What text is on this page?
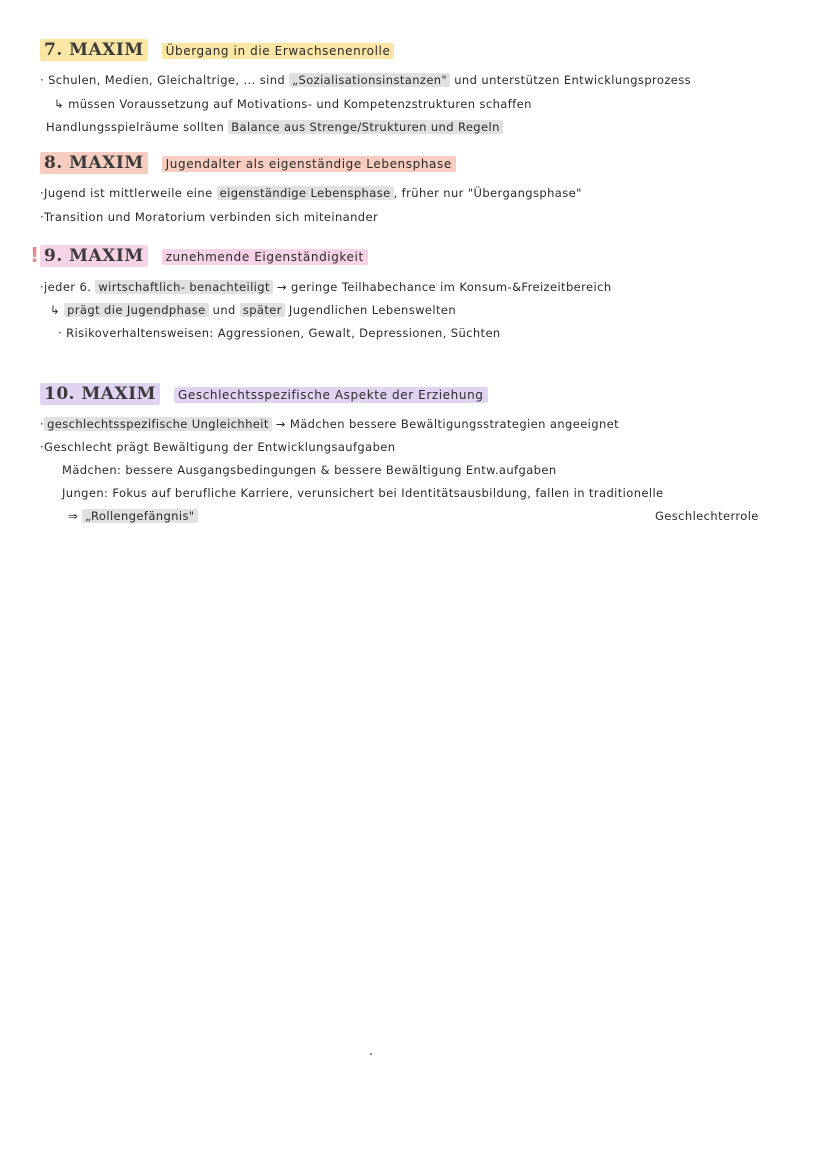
7. MAXIM Übergang in die Erwachsenenrolle
· Schulen, Medien, Gleichaltrige, ... sind „Sozialisationsinstanzen" und unterstützen Entwicklungsprozess
↳ müssen Voraussetzung auf Motivations- und Kompetenzstrukturen schaffen
Handlungsspielräume sollten Balance aus Strenge/Strukturen und Regeln
8. MAXIM Jugendalter als eigenständige Lebensphase
·Jugend ist mittlerweile eine eigenständige Lebensphase , früher nur "Übergangsphase"
·Transition und Moratorium verbinden sich miteinander
! 9. MAXIM zunehmende Eigenständigkeit
·jeder 6. wirtschaftlich- benachteiligt → geringe Teilhabechance im Konsum-&Freizeitbereich
↳ prägt die Jugendphase und später Jugendlichen Lebenswelten
· Risikoverhaltensweisen: Aggressionen, Gewalt, Depressionen, Süchten
10. MAXIM Geschlechtsspezifische Aspekte der Erziehung
· geschlechtsspezifische Ungleichheit → Mädchen bessere Bewältigungsstrategien angeeignet
·Geschlecht prägt Bewältigung der Entwicklungsaufgaben
Mädchen: bessere Ausgangsbedingungen & bessere Bewältigung Entw.aufgaben
Jungen: Fokus auf berufliche Karriere, verunsichert bei Identitätsausbildung, fallen in traditionelle
⇒ „Rollengefängnis"	Geschlechterrole
